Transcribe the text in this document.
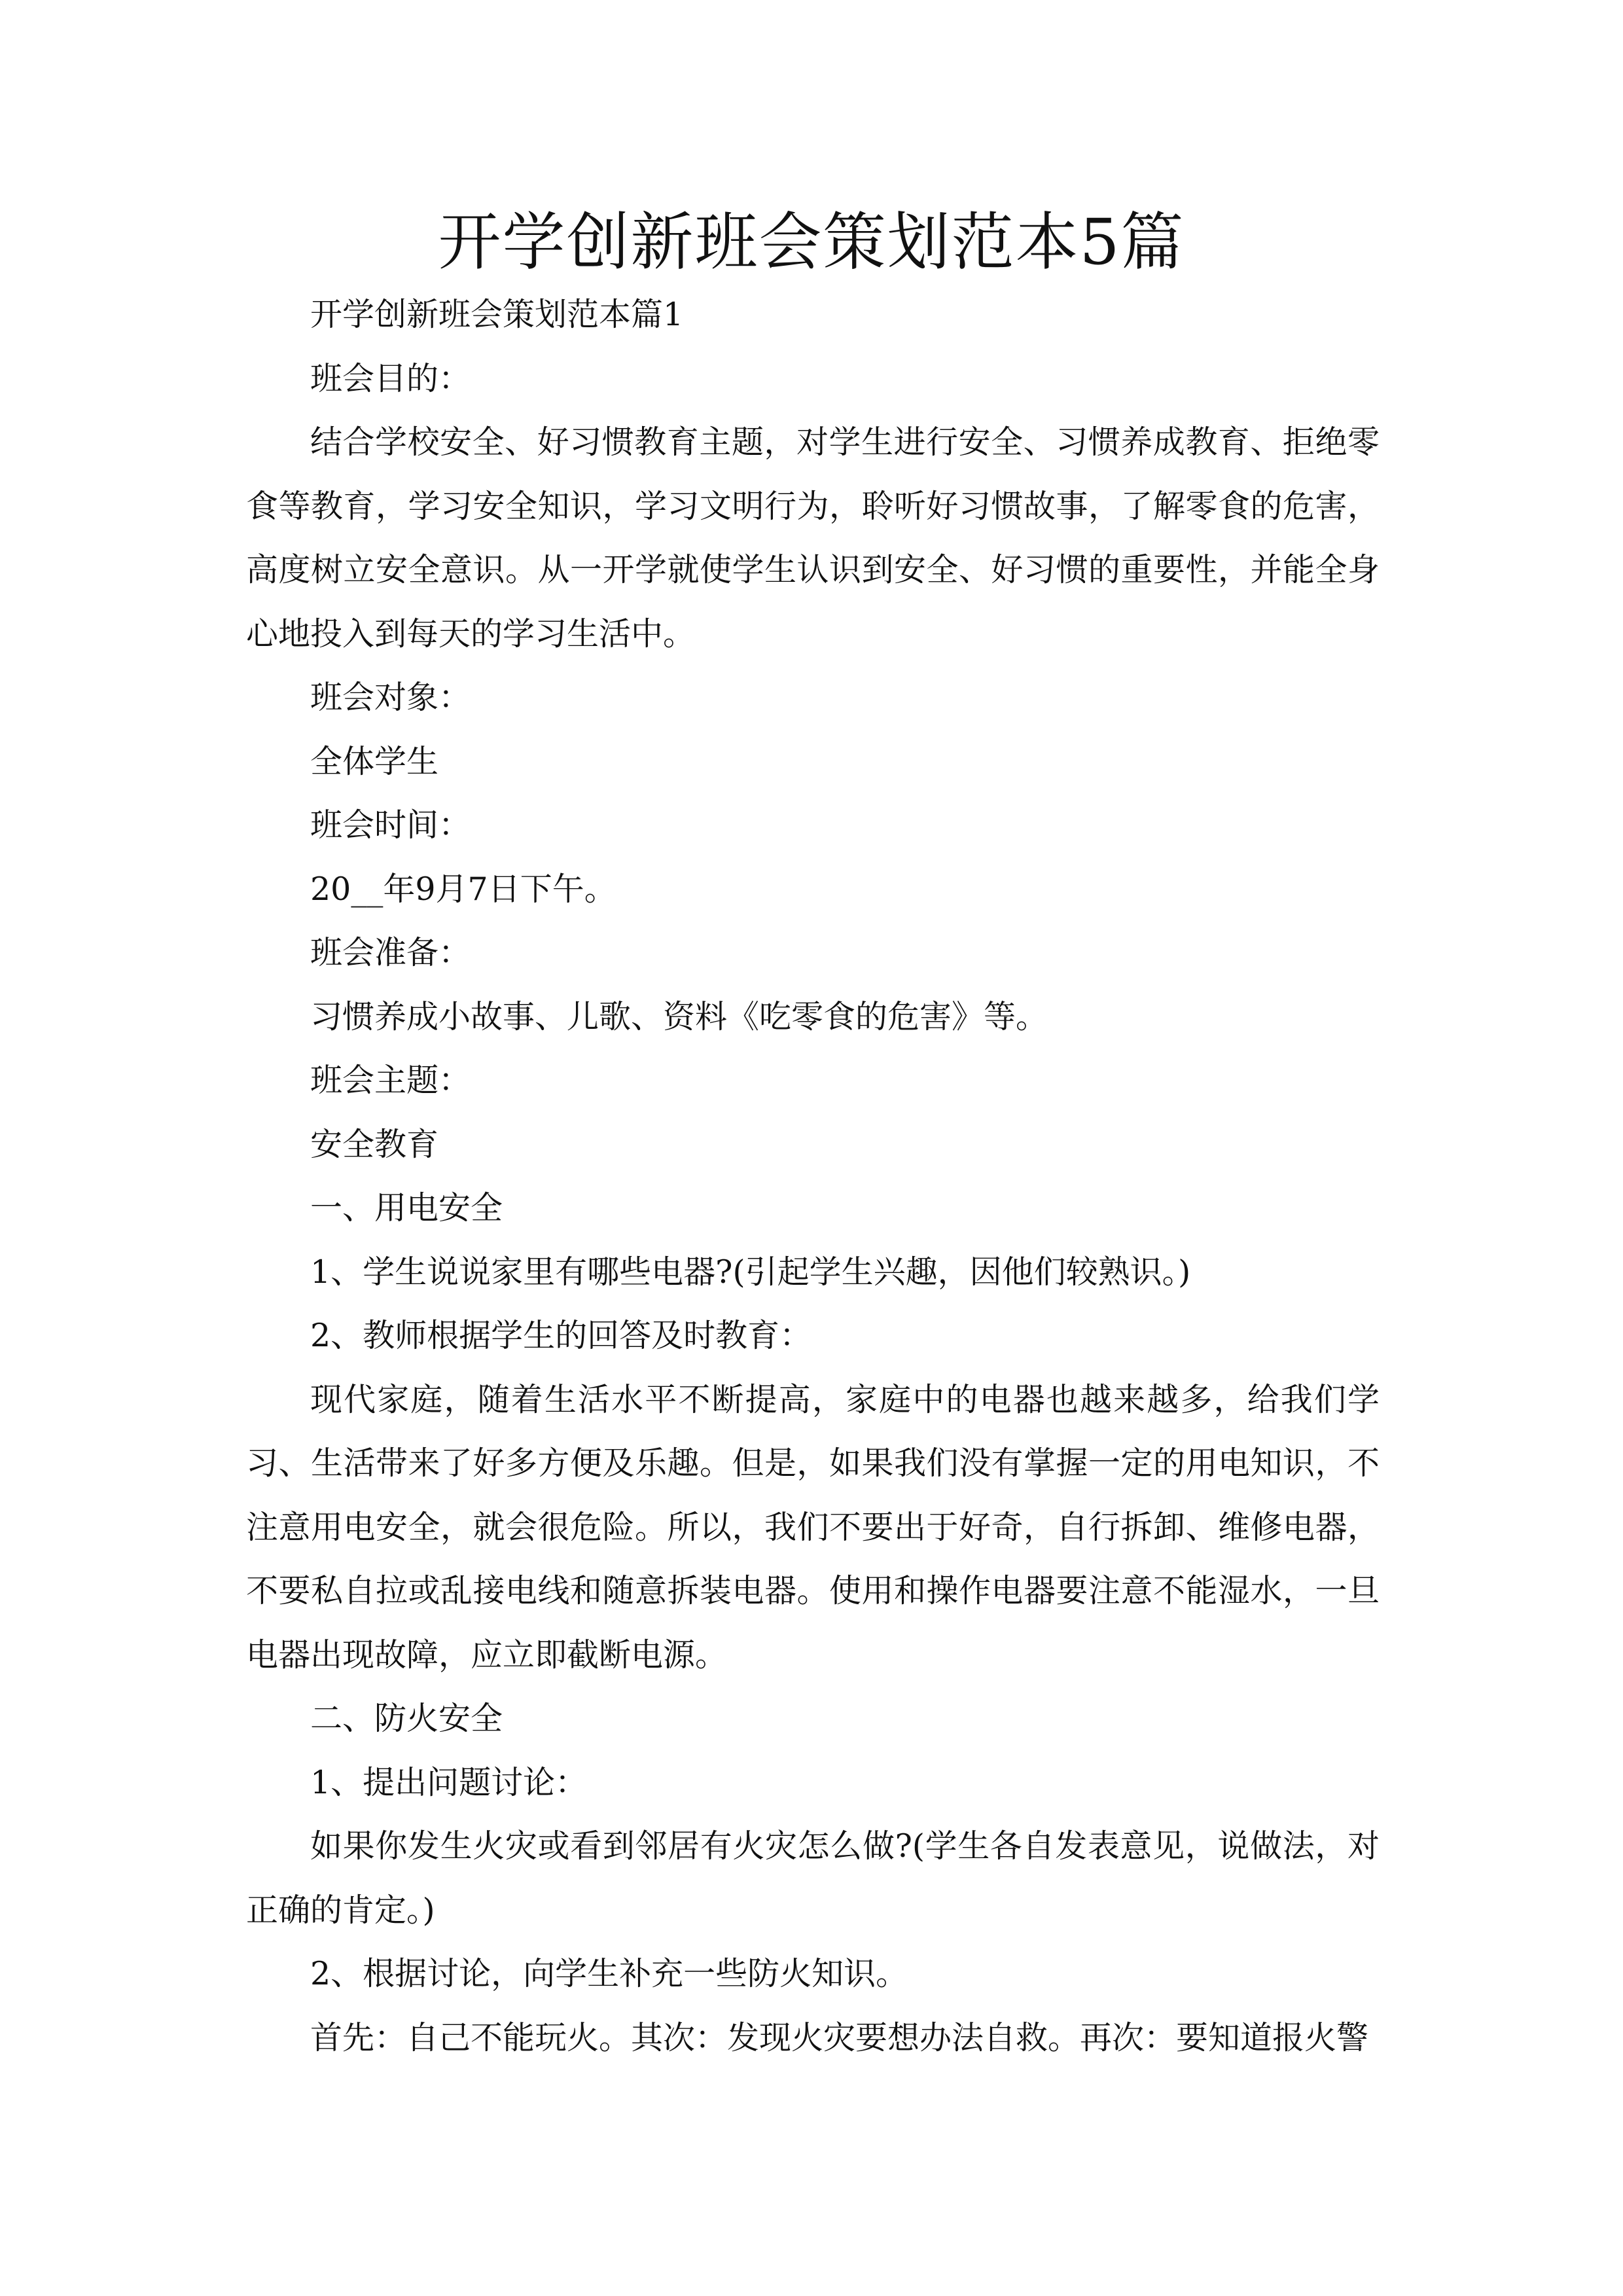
开学创新班会策划范本5篇

开学创新班会策划范本篇1

班会目的：

结合学校安全、好习惯教育主题，对学生进行安全、习惯养成教育、拒绝零食等教育，学习安全知识，学习文明行为，聆听好习惯故事，了解零食的危害，高度树立安全意识。从一开学就使学生认识到安全、好习惯的重要性，并能全身心地投入到每天的学习生活中。

班会对象：

全体学生

班会时间：

20__年9月7日下午。

班会准备：

习惯养成小故事、儿歌、资料《吃零食的危害》等。

班会主题：

安全教育

一、用电安全

1、学生说说家里有哪些电器?(引起学生兴趣，因他们较熟识。)

2、教师根据学生的回答及时教育：

现代家庭，随着生活水平不断提高，家庭中的电器也越来越多，给我们学习、生活带来了好多方便及乐趣。但是，如果我们没有掌握一定的用电知识，不注意用电安全，就会很危险。所以，我们不要出于好奇，自行拆卸、维修电器，不要私自拉或乱接电线和随意拆装电器。使用和操作电器要注意不能湿水，一旦电器出现故障，应立即截断电源。

二、防火安全

1、提出问题讨论：

如果你发生火灾或看到邻居有火灾怎么做?(学生各自发表意见，说做法，对正确的肯定。)

2、根据讨论，向学生补充一些防火知识。

首先：自己不能玩火。其次：发现火灾要想办法自救。再次：要知道报火警
